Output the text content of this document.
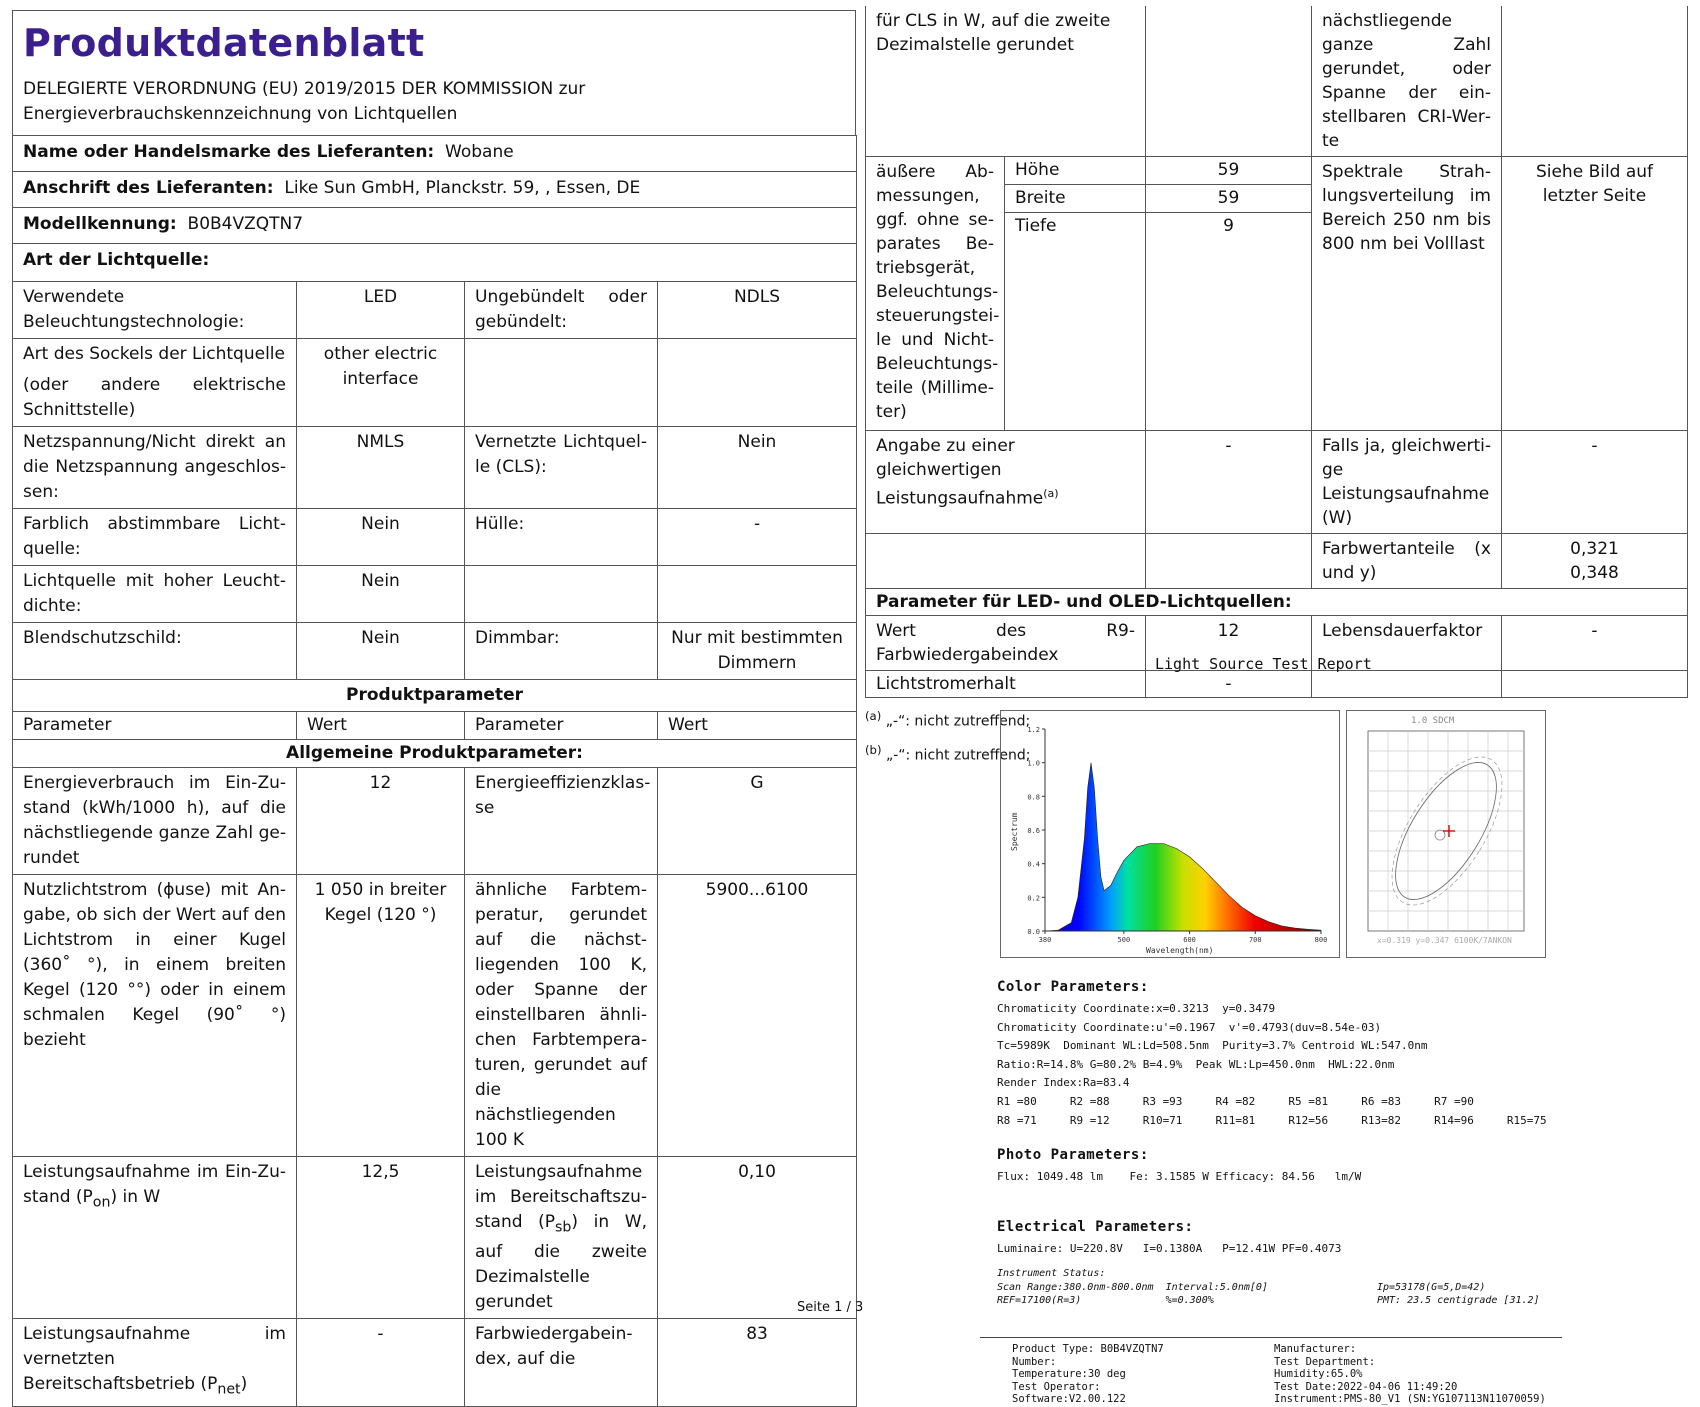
Produktdatenblatt
DELEGIERTE VERORDNUNG (EU) 2019/2015 DER KOMMISSION zur
Energieverbrauchskennzeichnung von Lichtquellen
Name oder Handelsmarke des Lieferanten: Wobane			
Anschrift des Lieferanten: Like Sun GmbH, Planckstr. 59, , Essen, DE			
Modellkennung: B0B4VZQTN7			
Art der Lichtquelle:			
Verwendete Beleuchtungstechnologie:	LED	Ungebündelt oder gebündelt:	NDLS

Art des Sockels der Lichtquelle
(oder andere elektrische Schnittstelle)	other electric interface		
Netzspannung/Nicht direkt an die Netzspannung angeschlossen:	NMLS	Vernetzte Lichtquelle (CLS):	Nein
Farblich abstimmbare Lichtquelle:	Nein	Hülle:	-
Lichtquelle mit hoher Leuchtdichte:	Nein		
Blendschutzschild:	Nein	Dimmbar:	Nur mit bestimmten Dimmern
Produktparameter			
Parameter	Wert	Parameter	Wert
Allgemeine Produktparameter:			
Energieverbrauch im Ein-Zustand (kWh/1000 h), auf die nächstliegende ganze Zahl gerundet	12	Energieeffizienzklasse	G
Nutzlichtstrom (ɸuse) mit Angabe, ob sich der Wert auf den Lichtstrom in einer Kugel (360˚ °), in einem breiten Kegel (120 °°) oder in einem schmalen Kegel (90˚ °) bezieht	1 050 in breiter Kegel (120 °)	ähnliche Farbtemperatur, gerundet auf die nächstliegenden 100 K, oder Spanne der einstellbaren ähnlichen Farbtemperaturen, gerundet auf die nächstliegenden 100 K	5900...6100
Leistungsaufnahme im Ein-Zustand $(P_{on})$ in W	12,5	Leistungsaufnahme im Bereitschaftszustand $(P_{sb})$ in W, auf die zweite Dezimalstelle gerundet	0,10
Leistungsaufnahme im vernetzten Bereitschaftsbetrieb $(P_{net})$	-	Farbwiedergabeindex, auf die	83
Seite 1 / 3
für CLS in W, auf die zweite Dezimalstelle gerundet			nächstliegende ganze Zahl gerundet, oder Spanne der einstellbaren CRI-Werte	
äußere Abmessungen, ggf. ohne separates Betriebsgerät, Beleuchtungssteuerungsteile und Nicht-Beleuchtungsteile (Millimeter)	Höhe	59	Spektrale Strahlungsverteilung im Bereich 250 nm bis 800 nm bei Volllast	Siehe Bild auf letzter Seite
	Breite	59		
	Tiefe	9		
Angabe zu einer gleichwertigen Leistungsaufnahme$^{(a)}$		-	Falls ja, gleichwertige Leistungsaufnahme (W)	-
			Farbwertanteile (x und y)	0,321
0,348

Parameter für LED- und OLED-Lichtquellen:				
Wert des R9-Farbwiedergabeindex		12	Lebensdauerfaktor	-
Lichtstromerhalt		-		
$^{(a)}$ „-“: nicht zutreffend;
$^{(b)}$ „-“: nicht zutreffend;
Light Source Test Report
0.0
0.2
0.4
0.6
0.8
1.0
1.2
380	500	600	700	800
Spectrum
Wavelength(nm)
1.0 SDCM
x=0.319 y=0.347 6100K/7ANKON
Color Parameters:
Chromaticity Coordinate:x=0.3213  y=0.3479
Chromaticity Coordinate:u'=0.1967  v'=0.4793(duv=8.54e-03)
Tc=5989K  Dominant WL:Ld=508.5nm  Purity=3.7% Centroid WL:547.0nm
Ratio:R=14.8% G=80.2% B=4.9%  Peak WL:Lp=450.0nm  HWL:22.0nm
Render Index:Ra=83.4
R1 =80     R2 =88     R3 =93     R4 =82     R5 =81     R6 =83     R7 =90
R8 =71     R9 =12     R10=71     R11=81     R12=56     R13=82     R14=96     R15=75
Photo Parameters:
Flux: 1049.48 lm    Fe: 3.1585 W Efficacy: 84.56   lm/W
Electrical Parameters:
Luminaire: U=220.8V   I=0.1380A   P=12.41W PF=0.4073
Instrument Status:
Scan Range:380.0nm-800.0nm  Interval:5.0nm[0]
REF=17100(R=3)              %=0.300%
Ip=53178(G=5,D=42)
PMT: 23.5 centigrade [31.2]
Product Type: B0B4VZQTN7
Number:
Temperature:30 deg
Test Operator:
Software:V2.00.122
Manufacturer:
Test Department:
Humidity:65.0%
Test Date:2022-04-06 11:49:20
Instrument:PMS-80_V1 (SN:YG107113N11070059)
